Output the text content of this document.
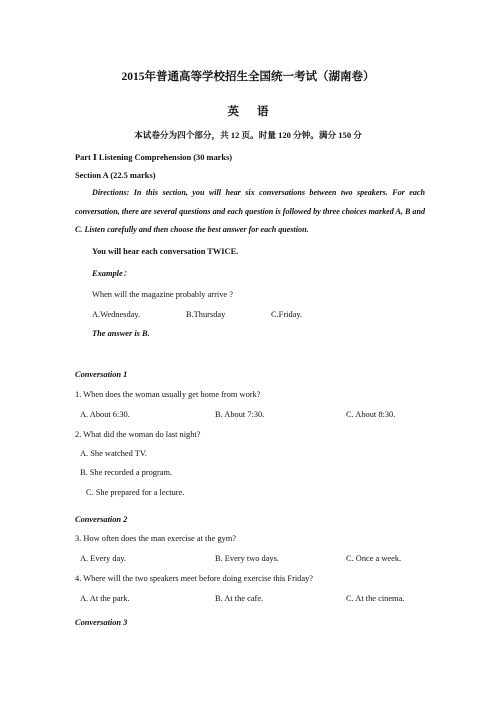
2015年普通高等学校招生全国统一考试（湖南卷）
英语
本试卷分为四个部分，共 12 页。时量 120 分钟。满分 150 分
Part Ⅰ Listening Comprehension (30 marks)
Section A (22.5 marks)
Directions: In this section, you will hear six conversations between two speakers. For each conversation, there are several questions and each question is followed by three choices marked A, B and C. Listen carefully and then choose the best answer for each question.
You will hear each conversation TWICE.
Example：
When will the magazine probably arrive ?
A.Wednesday.	B.Thursday	C.Friday.
The answer is B.
Conversation 1
1. When does the woman usually get home from work?
A. About 6:30.	B. About 7:30.	C. About 8:30.
2. What did the woman do last night?
A. She watched TV.
B. She recorded a program.
C. She prepared for a lecture.
Conversation 2
3. How often does the man exercise at the gym?
A. Every day.	B. Every two days.	C. Once a week.
4. Where will the two speakers meet before doing exercise this Friday?
A. At the park.	B. At the cafe.	C. At the cinema.
Conversation 3
